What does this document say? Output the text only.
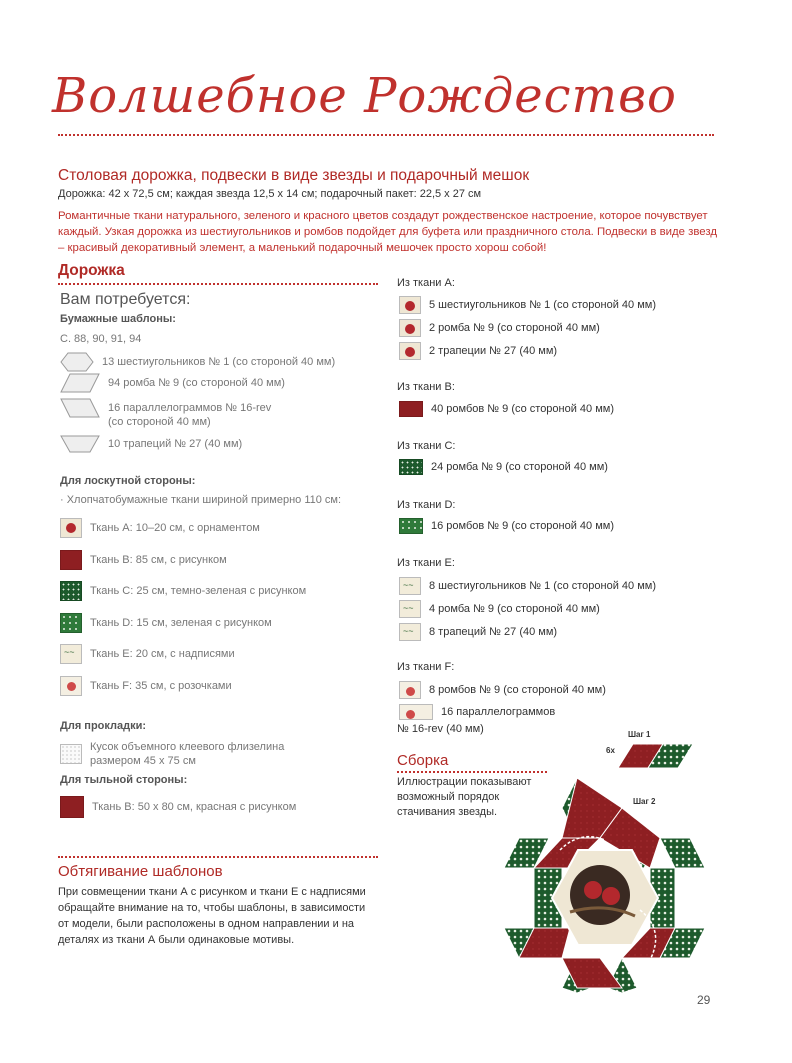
Волшебное Рождество
Столовая дорожка, подвески в виде звезды и подарочный мешок
Дорожка: 42 х 72,5 см; каждая звезда 12,5 х 14 см; подарочный пакет: 22,5 х 27 см
Романтичные ткани натурального, зеленого и красного цветов создадут рождественское настроение, которое почувствует каждый. Узкая дорожка из шестиугольников и ромбов подойдет для буфета или праздничного стола. Подвески в виде звезд – красивый декоративный элемент, а маленький подарочный мешочек просто хорош собой!
Дорожка
Вам потребуется:
Бумажные шаблоны:
С. 88, 90, 91, 94
13 шестиугольников № 1 (со стороной 40 мм)
94 ромба № 9 (со стороной 40 мм)
16 параллелограммов № 16-rev
(со стороной 40 мм)
10 трапеций № 27 (40 мм)
Для лоскутной стороны:
· Хлопчатобумажные ткани шириной примерно 110 см:
Ткань А: 10–20 см, с орнаментом
Ткань В: 85 см, с рисунком
Ткань С: 25 см, темно-зеленая с рисунком
Ткань D: 15 см, зеленая с рисунком
~~
Ткань Е: 20 см, с надписями
Ткань F: 35 см, с розочками
Для прокладки:
Кусок объемного клеевого флизелина
размером 45 х 75 см
Для тыльной стороны:
Ткань В: 50 х 80 см, красная с рисунком
Обтягивание шаблонов
При совмещении ткани А с рисунком и ткани Е с надписями обращайте внимание на то, чтобы шаблоны, в зависимости от модели, были расположены в одном направлении и на деталях из ткани А были одинаковые мотивы.
Из ткани А:
5 шестиугольников № 1 (со стороной 40 мм)
2 ромба № 9 (со стороной 40 мм)
2 трапеции № 27 (40 мм)
Из ткани В:
40 ромбов № 9 (со стороной 40 мм)
Из ткани С:
24 ромба № 9 (со стороной 40 мм)
Из ткани D:
16 ромбов № 9 (со стороной 40 мм)
Из ткани Е:
~~
8 шестиугольников № 1 (со стороной 40 мм)
~~
4 ромба № 9 (со стороной 40 мм)
~~
8 трапеций № 27 (40 мм)
Из ткани F:
8 ромбов № 9 (со стороной 40 мм)
16 параллелограммов
№ 16-rev (40 мм)
Сборка
Иллюстрации показывают возможный порядок стачивания звезды.
Шаг 1
Шаг 2
6x
29
